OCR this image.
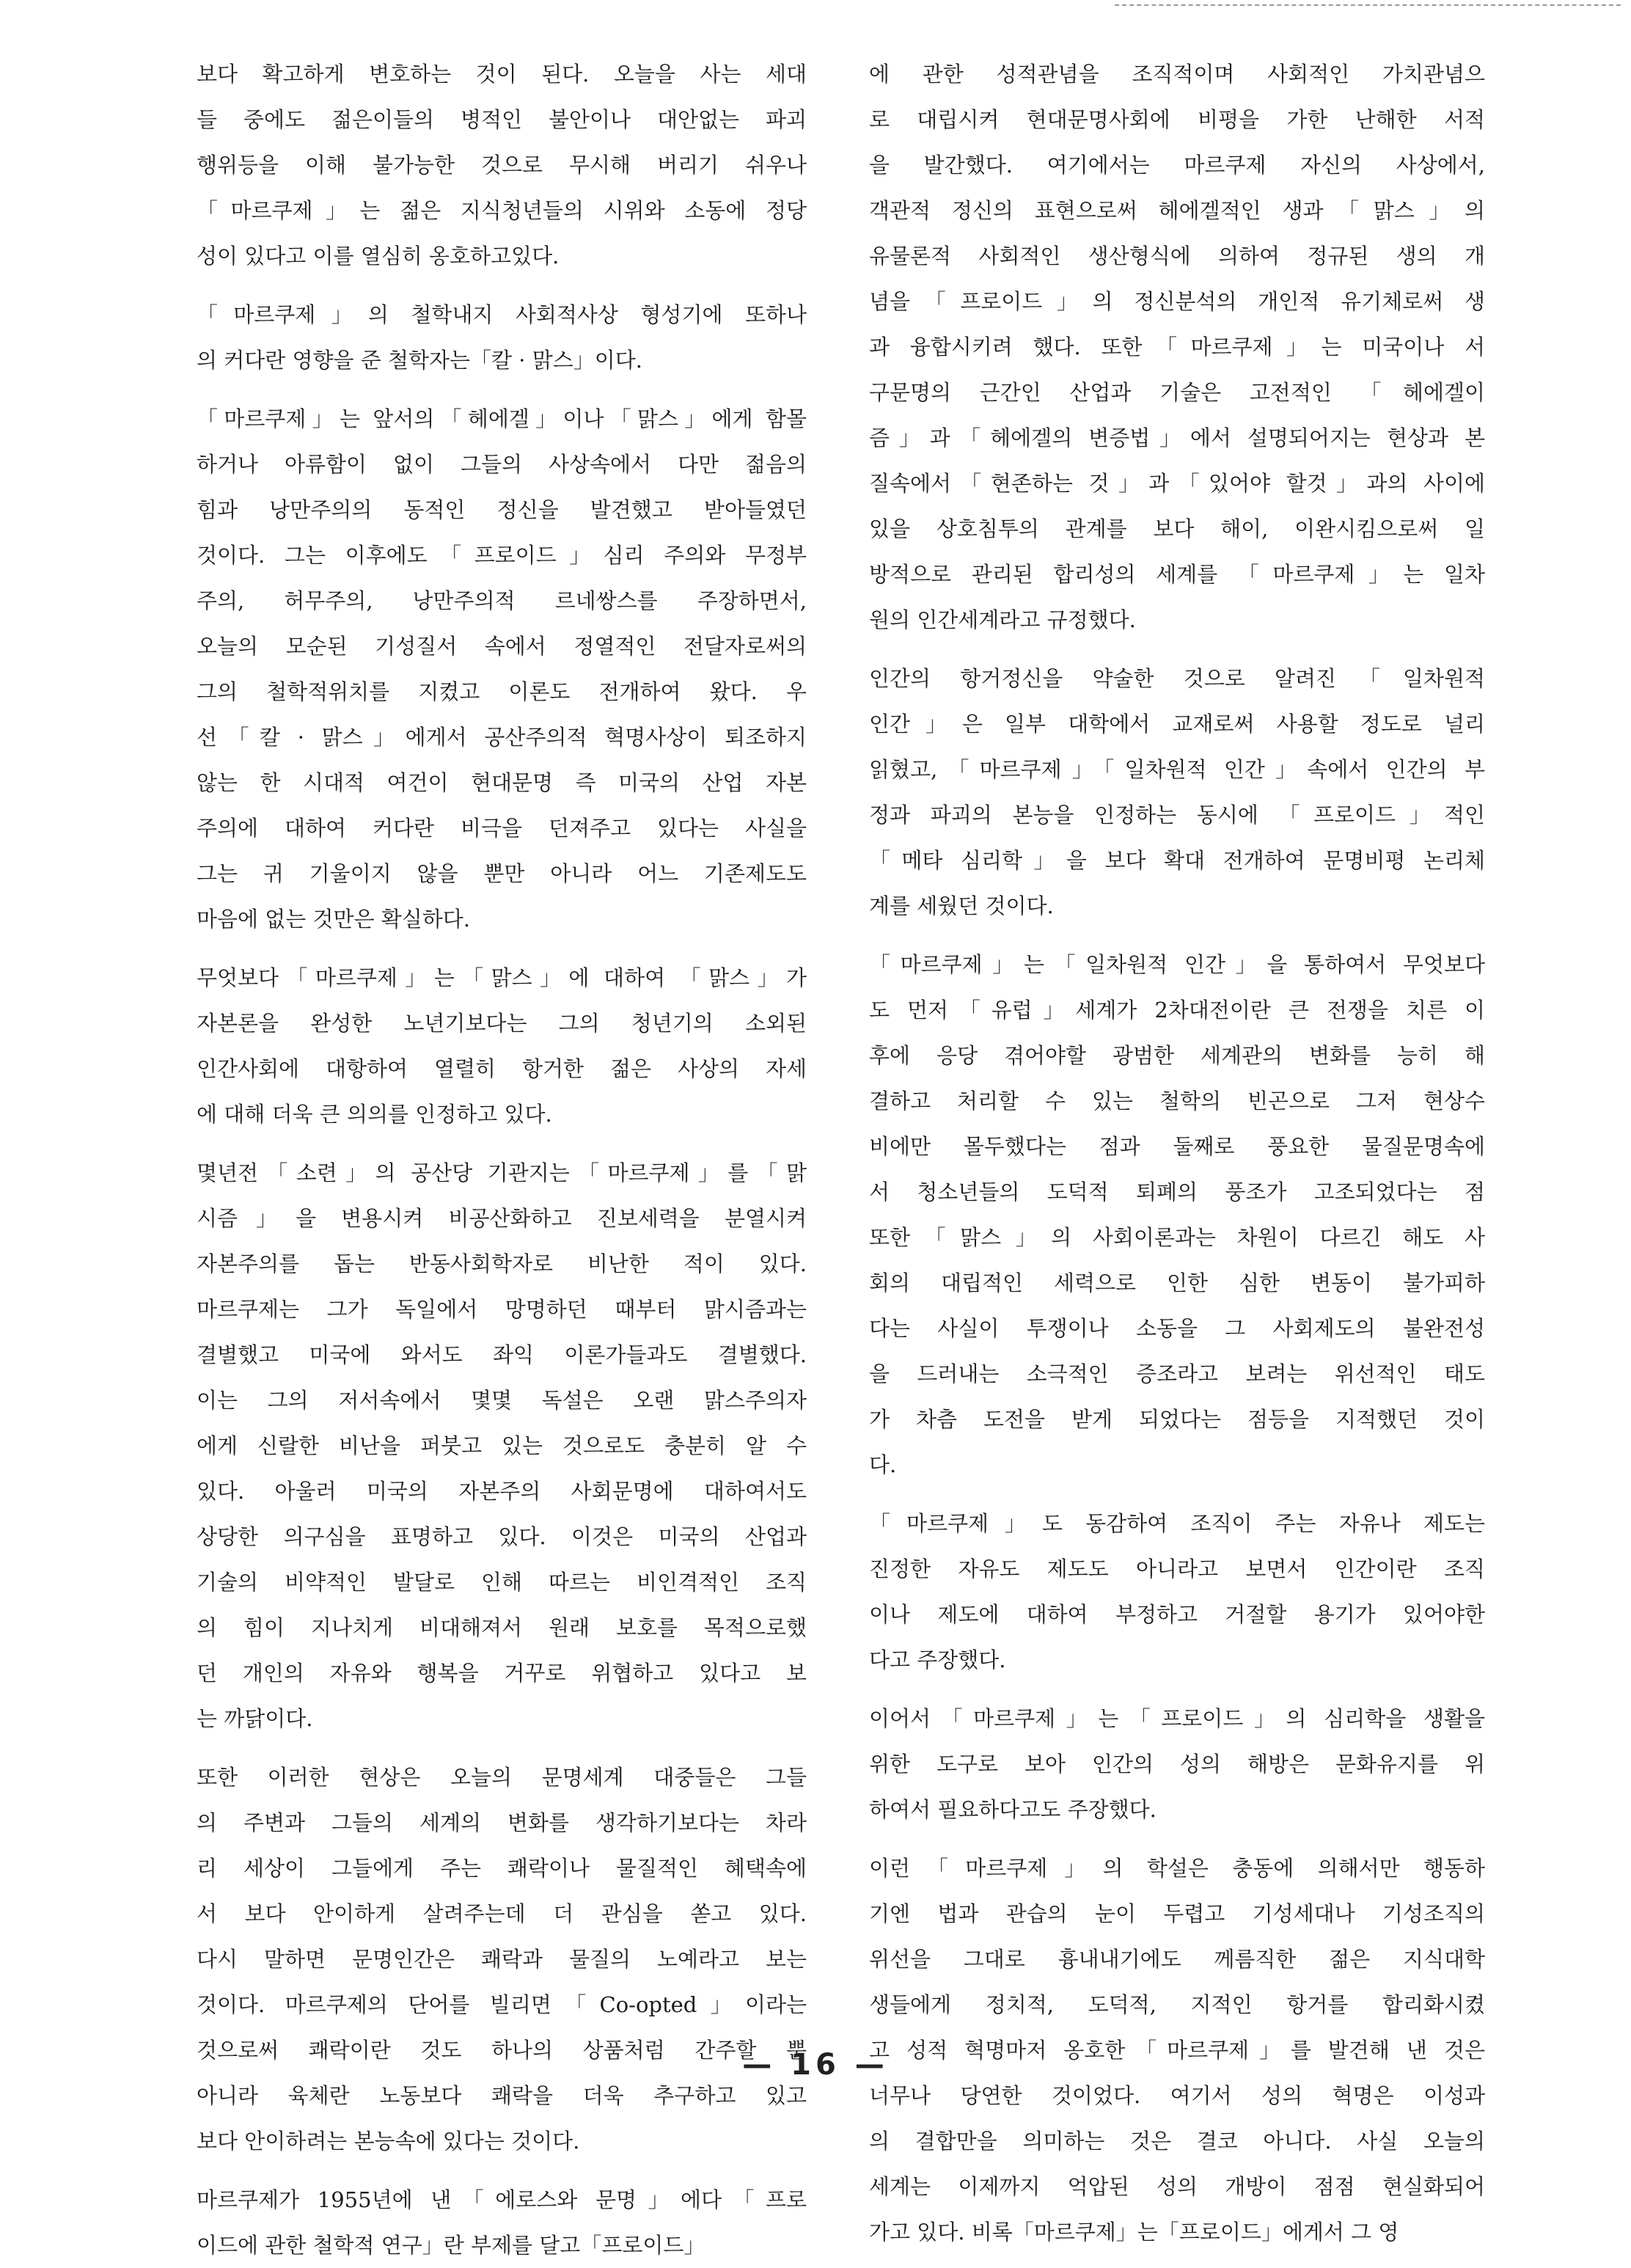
보다 확고하게 변호하는 것이 된다. 오늘을 사는 세대
들 중에도 젊은이들의 병적인 불안이나 대안없는 파괴
행위등을 이해 불가능한 것으로 무시해 버리기 쉬우나
「마르쿠제」는 젊은 지식청년들의 시위와 소동에 정당
성이 있다고 이를 열심히 옹호하고있다.
「마르쿠제」의 철학내지 사회적사상 형성기에 또하나
의 커다란 영향을 준 철학자는「칼 · 맑스」이다.
「마르쿠제」는 앞서의「헤에겔」이나「맑스」에게 함몰
하거나 아류함이 없이 그들의 사상속에서 다만 젊음의
힘과 낭만주의의 동적인 정신을 발견했고 받아들였던
것이다. 그는 이후에도「프로이드」심리 주의와 무정부
주의, 허무주의, 낭만주의적 르네쌍스를 주장하면서,
오늘의 모순된 기성질서 속에서 정열적인 전달자로써의
그의 철학적위치를 지켰고 이론도 전개하여 왔다. 우
선「칼 · 맑스」에게서 공산주의적 혁명사상이 퇴조하지
않는 한 시대적 여건이 현대문명 즉 미국의 산업 자본
주의에 대하여 커다란 비극을 던져주고 있다는 사실을
그는 귀 기울이지 않을 뿐만 아니라 어느 기존제도도
마음에 없는 것만은 확실하다.
무엇보다「마르쿠제」는「맑스」에 대하여 「맑스」가
자본론을 완성한 노년기보다는 그의 청년기의 소외된
인간사회에 대항하여 열렬히 항거한 젊은 사상의 자세
에 대해 더욱 큰 의의를 인정하고 있다.
몇년전「소련」의 공산당 기관지는「마르쿠제」를「맑
시즘」을 변용시켜 비공산화하고 진보세력을 분열시켜
자본주의를 돕는 반동사회학자로 비난한 적이 있다.
마르쿠제는 그가 독일에서 망명하던 때부터 맑시즘과는
결별했고 미국에 와서도 좌익 이론가들과도 결별했다.
이는 그의 저서속에서 몇몇 독설은 오랜 맑스주의자
에게 신랄한 비난을 퍼붓고 있는 것으로도 충분히 알 수
있다. 아울러 미국의 자본주의 사회문명에 대하여서도
상당한 의구심을 표명하고 있다. 이것은 미국의 산업과
기술의 비약적인 발달로 인해 따르는 비인격적인 조직
의 힘이 지나치게 비대해져서 원래 보호를 목적으로했
던 개인의 자유와 행복을 거꾸로 위협하고 있다고 보
는 까닭이다.
또한 이러한 현상은 오늘의 문명세계 대중들은 그들
의 주변과 그들의 세계의 변화를 생각하기보다는 차라
리 세상이 그들에게 주는 쾌락이나 물질적인 혜택속에
서 보다 안이하게 살려주는데 더 관심을 쏟고 있다.
다시 말하면 문명인간은 쾌락과 물질의 노예라고 보는
것이다. 마르쿠제의 단어를 빌리면「Co-opted」이라는
것으로써 쾌락이란 것도 하나의 상품처럼 간주할 뿐
아니라 육체란 노동보다 쾌락을 더욱 추구하고 있고
보다 안이하려는 본능속에 있다는 것이다.
마르쿠제가 1955년에 낸「에로스와 문명」에다「프로
이드에 관한 철학적 연구」란 부제를 달고「프로이드」
에 관한 성적관념을 조직적이며 사회적인 가치관념으
로 대립시켜 현대문명사회에 비평을 가한 난해한 서적
을 발간했다. 여기에서는 마르쿠제 자신의 사상에서,
객관적 정신의 표현으로써 헤에겔적인 생과「맑스」의
유물론적 사회적인 생산형식에 의하여 정규된 생의 개
념을「프로이드」의 정신분석의 개인적 유기체로써 생
과 융합시키려 했다. 또한「마르쿠제」는 미국이나 서
구문명의 근간인 산업과 기술은 고전적인 「헤에겔이
즘」과「헤에겔의 변증법」에서 설명되어지는 현상과 본
질속에서「현존하는 것」과「있어야 할것」과의 사이에
있을 상호침투의 관계를 보다 해이, 이완시킴으로써 일
방적으로 관리된 합리성의 세계를 「마르쿠제」는 일차
원의 인간세계라고 규정했다.
인간의 항거정신을 약술한 것으로 알려진「일차원적
인간」은 일부 대학에서 교재로써 사용할 정도로 널리
읽혔고,「마르쿠제」「일차원적 인간」속에서 인간의 부
정과 파괴의 본능을 인정하는 동시에 「프로이드」적인
「메타 심리학」을 보다 확대 전개하여 문명비평 논리체
계를 세웠던 것이다.
「마르쿠제」는「일차원적 인간」을 통하여서 무엇보다
도 먼저「유럽」세계가 2차대전이란 큰 전쟁을 치른 이
후에 응당 겪어야할 광범한 세계관의 변화를 능히 해
결하고 처리할 수 있는 철학의 빈곤으로 그저 현상수
비에만 몰두했다는 점과 둘째로 풍요한 물질문명속에
서 청소년들의 도덕적 퇴폐의 풍조가 고조되었다는 점
또한「맑스」의 사회이론과는 차원이 다르긴 해도 사
회의 대립적인 세력으로 인한 심한 변동이 불가피하
다는 사실이 투쟁이나 소동을 그 사회제도의 불완전성
을 드러내는 소극적인 증조라고 보려는 위선적인 태도
가 차츰 도전을 받게 되었다는 점등을 지적했던 것이
다.
「마르쿠제」도 동감하여 조직이 주는 자유나 제도는
진정한 자유도 제도도 아니라고 보면서 인간이란 조직
이나 제도에 대하여 부정하고 거절할 용기가 있어야한
다고 주장했다.
이어서「마르쿠제」는「프로이드」의 심리학을 생활을
위한 도구로 보아 인간의 성의 해방은 문화유지를 위
하여서 필요하다고도 주장했다.
이런「마르쿠제」의 학설은 충동에 의해서만 행동하
기엔 법과 관습의 눈이 두렵고 기성세대나 기성조직의
위선을 그대로 흉내내기에도 께름직한 젊은 지식대학
생들에게 정치적, 도덕적, 지적인 항거를 합리화시켰
고 성적 혁명마저 옹호한「마르쿠제」를 발견해 낸 것은
너무나 당연한 것이었다. 여기서 성의 혁명은 이성과
의 결합만을 의미하는 것은 결코 아니다. 사실 오늘의
세계는 이제까지 억압된 성의 개방이 점점 현실화되어
가고 있다. 비록「마르쿠제」는「프로이드」에게서 그 영
— 16 —
